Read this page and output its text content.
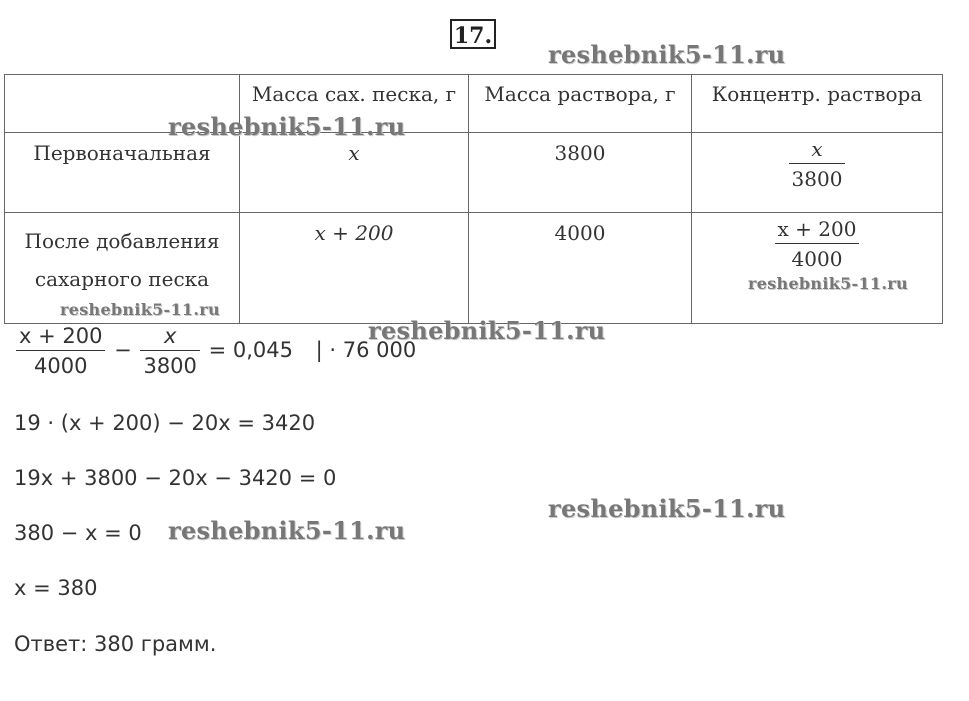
17.

	Масса сах. песка, г	Масса раствора, г	Концентр. раствора

Первоначальная	x	3800	$\frac{x}{3800}$

После добавления
сахарного песка	x + 200	4000	$\frac{x + 200}{4000}$
$\frac{x + 200}{4000} - \frac{x}{3800} = 0,045$ | · 76 000
19 · (x + 200) − 20x = 3420
19x + 3800 − 20x − 3420 = 0
380 − x = 0
x = 380
Ответ: 380 грамм.
reshebnik5-11.ru
reshebnik5-11.ru
reshebnik5-11.ru
reshebnik5-11.ru
reshebnik5-11.ru
reshebnik5-11.ru
reshebnik5-11.ru
